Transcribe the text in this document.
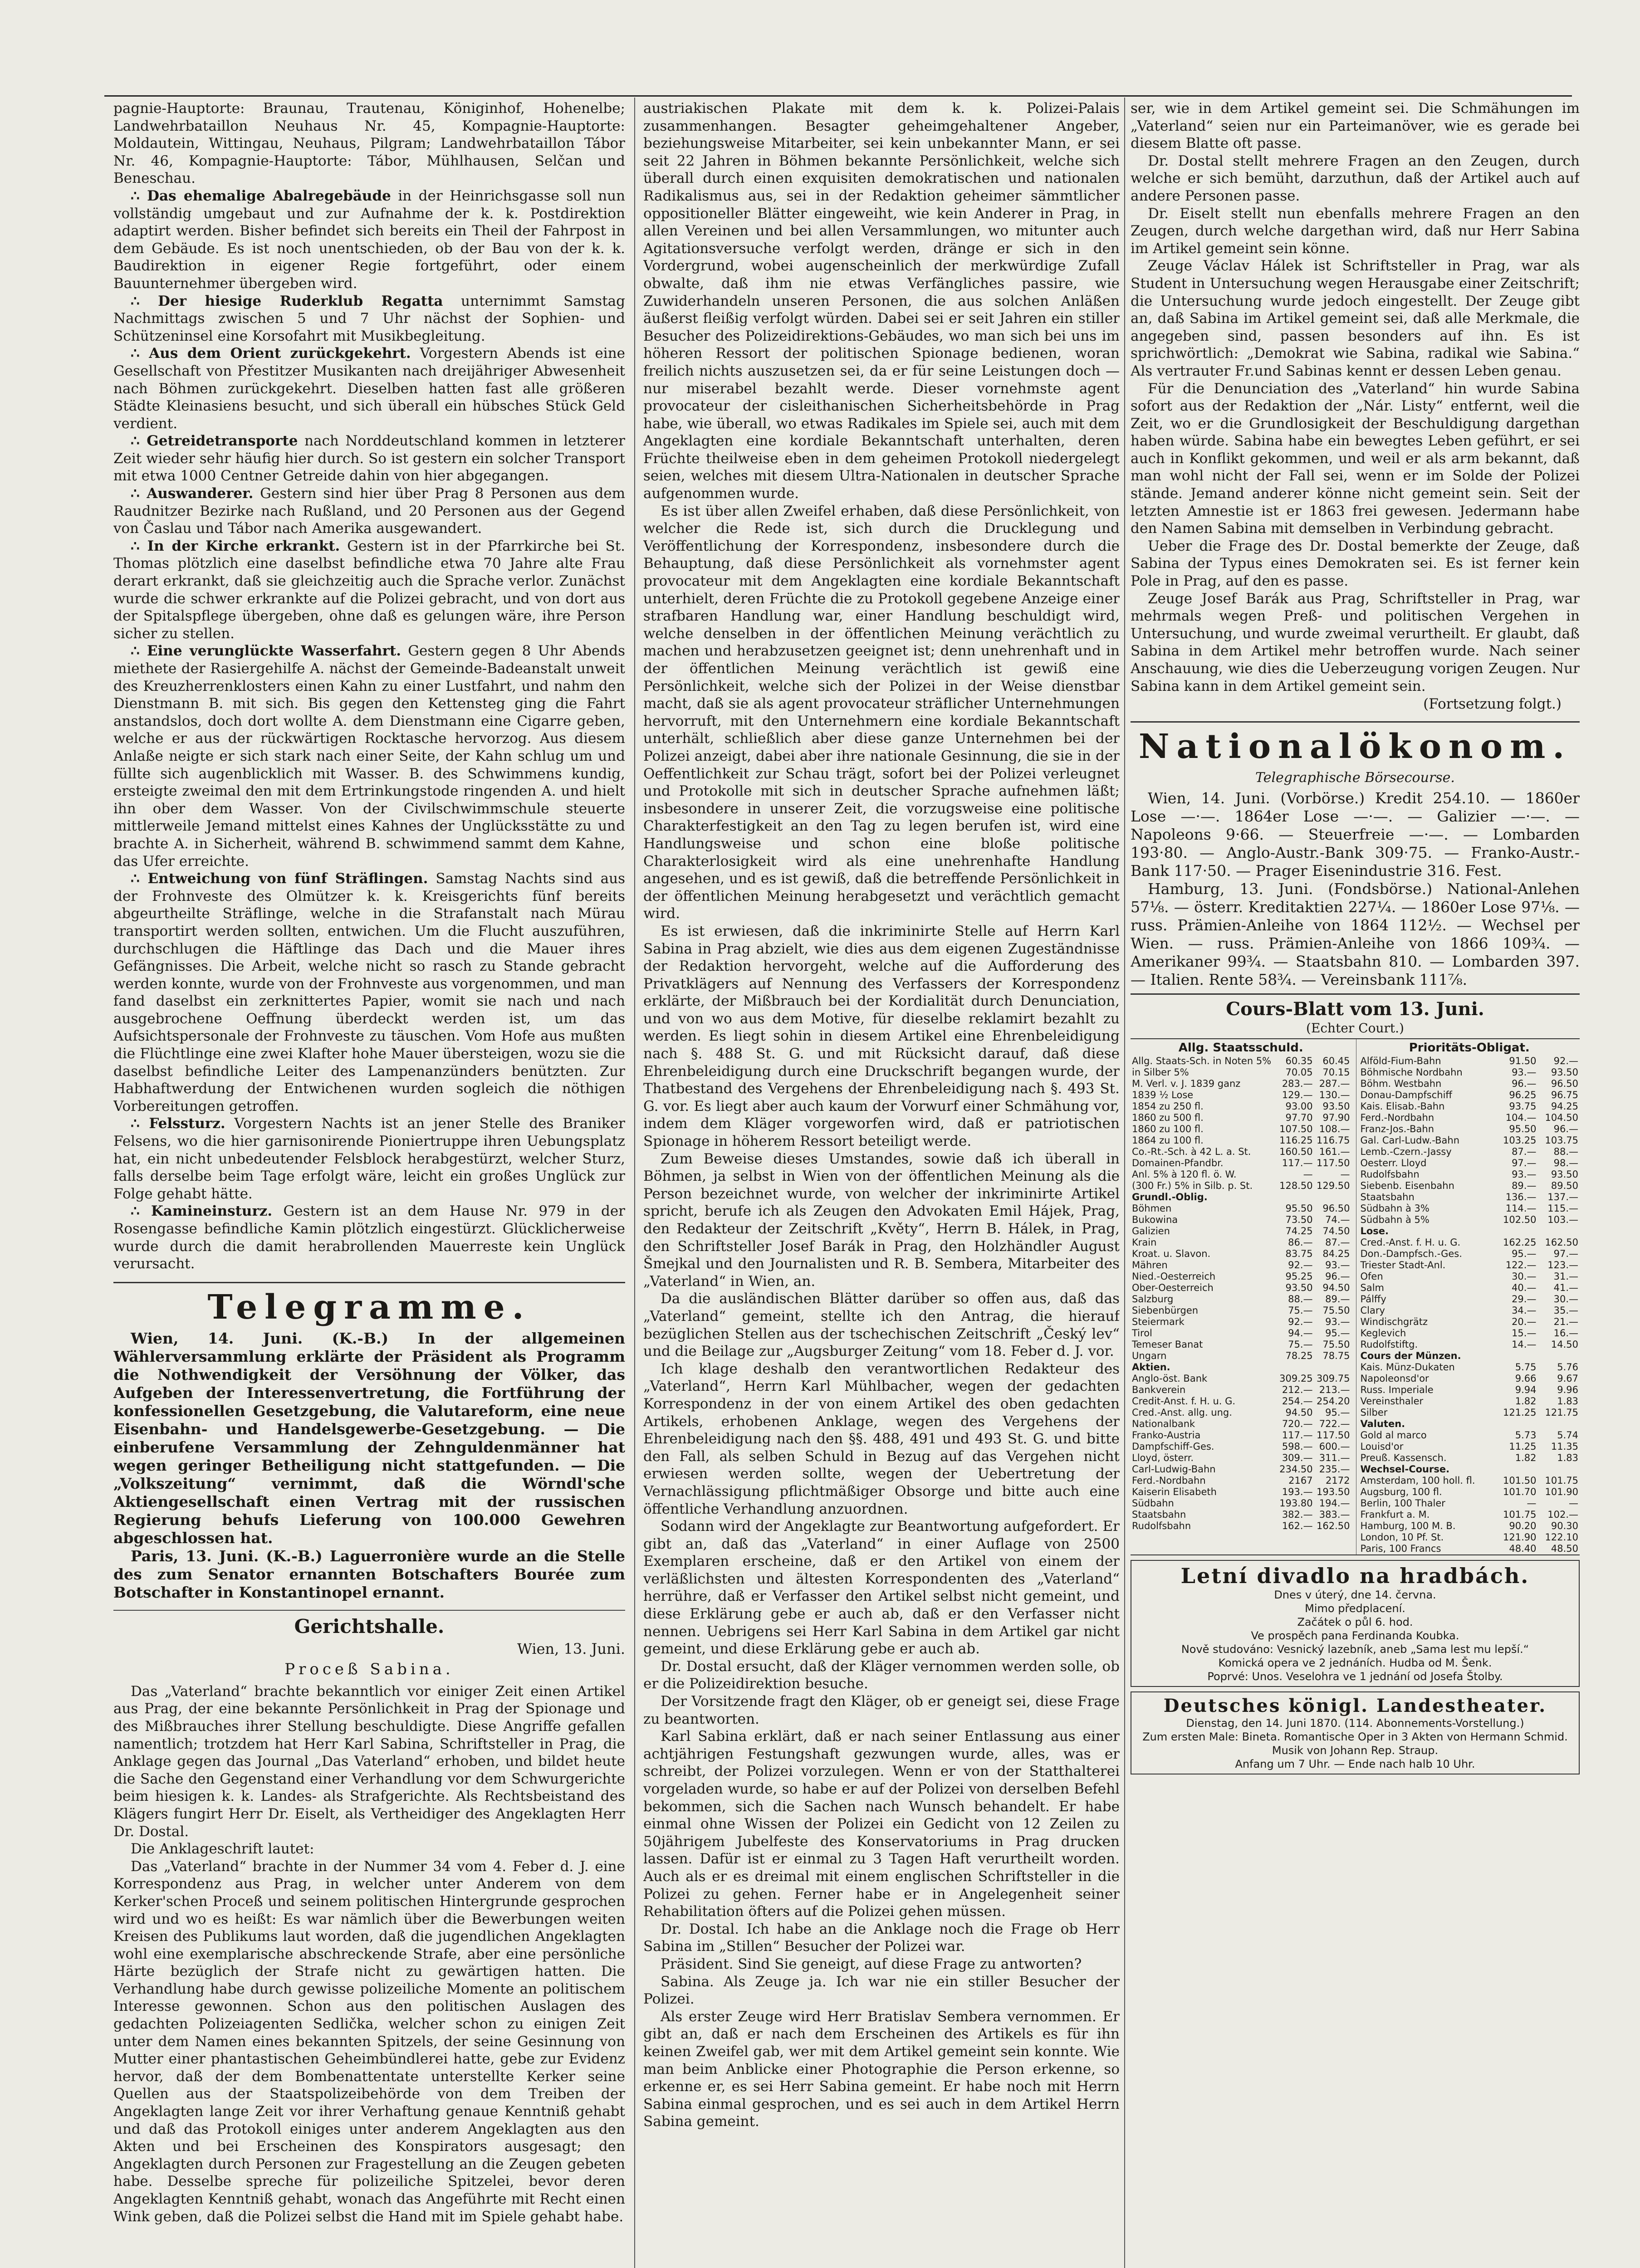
pagnie-Hauptorte: Braunau, Trautenau, Königinhof, Hohenelbe; Landwehrbataillon Neuhaus Nr. 45, Kompagnie-Hauptorte: Moldautein, Wittingau, Neuhaus, Pilgram; Landwehrbataillon Tábor Nr. 46, Kompagnie-Hauptorte: Tábor, Mühlhausen, Selčan und Beneschau.

∴ Das ehemalige Abalregebäude in der Heinrichsgasse soll nun vollständig umgebaut und zur Aufnahme der k. k. Postdirektion adaptirt werden. Bisher befindet sich bereits ein Theil der Fahrpost in dem Gebäude. Es ist noch unentschieden, ob der Bau von der k. k. Baudirektion in eigener Regie fortgeführt, oder einem Bauunternehmer übergeben wird.

∴ Der hiesige Ruderklub Regatta unternimmt Samstag Nachmittags zwischen 5 und 7 Uhr nächst der Sophien- und Schützeninsel eine Korsofahrt mit Musikbegleitung.

∴ Aus dem Orient zurückgekehrt. Vorgestern Abends ist eine Gesellschaft von Přestitzer Musikanten nach dreijähriger Abwesenheit nach Böhmen zurückgekehrt. Dieselben hatten fast alle größeren Städte Kleinasiens besucht, und sich überall ein hübsches Stück Geld verdient.

∴ Getreidetransporte nach Norddeutschland kommen in letzterer Zeit wieder sehr häufig hier durch. So ist gestern ein solcher Transport mit etwa 1000 Centner Getreide dahin von hier abgegangen.

∴ Auswanderer. Gestern sind hier über Prag 8 Personen aus dem Raudnitzer Bezirke nach Rußland, und 20 Personen aus der Gegend von Časlau und Tábor nach Amerika ausgewandert.

∴ In der Kirche erkrankt. Gestern ist in der Pfarrkirche bei St. Thomas plötzlich eine daselbst befindliche etwa 70 Jahre alte Frau derart erkrankt, daß sie gleichzeitig auch die Sprache verlor. Zunächst wurde die schwer erkrankte auf die Polizei gebracht, und von dort aus der Spitalspflege übergeben, ohne daß es gelungen wäre, ihre Person sicher zu stellen.

∴ Eine verunglückte Wasserfahrt. Gestern gegen 8 Uhr Abends miethete der Rasiergehilfe A. nächst der Gemeinde-Badeanstalt unweit des Kreuzherrenklosters einen Kahn zu einer Lustfahrt, und nahm den Dienstmann B. mit sich. Bis gegen den Kettensteg ging die Fahrt anstandslos, doch dort wollte A. dem Dienstmann eine Cigarre geben, welche er aus der rückwärtigen Rocktasche hervorzog. Aus diesem Anlaße neigte er sich stark nach einer Seite, der Kahn schlug um und füllte sich augenblicklich mit Wasser. B. des Schwimmens kundig, ersteigte zweimal den mit dem Ertrinkungstode ringenden A. und hielt ihn ober dem Wasser. Von der Civilschwimmschule steuerte mittlerweile Jemand mittelst eines Kahnes der Unglücksstätte zu und brachte A. in Sicherheit, während B. schwimmend sammt dem Kahne, das Ufer erreichte.

∴ Entweichung von fünf Sträflingen. Samstag Nachts sind aus der Frohnveste des Olmützer k. k. Kreisgerichts fünf bereits abgeurtheilte Sträflinge, welche in die Strafanstalt nach Mürau transportirt werden sollten, entwichen. Um die Flucht auszuführen, durchschlugen die Häftlinge das Dach und die Mauer ihres Gefängnisses. Die Arbeit, welche nicht so rasch zu Stande gebracht werden konnte, wurde von der Frohnveste aus vorgenommen, und man fand daselbst ein zerknittertes Papier, womit sie nach und nach ausgebrochene Oeffnung überdeckt werden ist, um das Aufsichtspersonale der Frohnveste zu täuschen. Vom Hofe aus mußten die Flüchtlinge eine zwei Klafter hohe Mauer übersteigen, wozu sie die daselbst befindliche Leiter des Lampenanzünders benützten. Zur Habhaftwerdung der Entwichenen wurden sogleich die nöthigen Vorbereitungen getroffen.

∴ Felssturz. Vorgestern Nachts ist an jener Stelle des Braniker Felsens, wo die hier garnisonirende Pioniertruppe ihren Uebungsplatz hat, ein nicht unbedeutender Felsblock herabgestürzt, welcher Sturz, falls derselbe beim Tage erfolgt wäre, leicht ein großes Unglück zur Folge gehabt hätte.

∴ Kamineinsturz. Gestern ist an dem Hause Nr. 979 in der Rosengasse befindliche Kamin plötzlich eingestürzt. Glücklicherweise wurde durch die damit herabrollenden Mauerreste kein Unglück verursacht.

Telegramme.

Wien, 14. Juni. (K.-B.) In der allgemeinen Wählerversammlung erklärte der Präsident als Programm die Nothwendigkeit der Versöhnung der Völker, das Aufgeben der Interessenvertretung, die Fortführung der konfessionellen Gesetzgebung, die Valutareform, eine neue Eisenbahn- und Handelsgewerbe-Gesetzgebung. — Die einberufene Versammlung der Zehnguldenmänner hat wegen geringer Betheiligung nicht stattgefunden. — Die „Volkszeitung“ vernimmt, daß die Wörndl'sche Aktiengesellschaft einen Vertrag mit der russischen Regierung behufs Lieferung von 100.000 Gewehren abgeschlossen hat.

Paris, 13. Juni. (K.-B.) Laguerronière wurde an die Stelle des zum Senator ernannten Botschafters Bourée zum Botschafter in Konstantinopel ernannt.

Gerichtshalle.
Wien, 13. Juni.
Proceß Sabina.

Das „Vaterland“ brachte bekanntlich vor einiger Zeit einen Artikel aus Prag, der eine bekannte Persönlichkeit in Prag der Spionage und des Mißbrauches ihrer Stellung beschuldigte. Diese Angriffe gefallen namentlich; trotzdem hat Herr Karl Sabina, Schriftsteller in Prag, die Anklage gegen das Journal „Das Vaterland“ erhoben, und bildet heute die Sache den Gegenstand einer Verhandlung vor dem Schwurgerichte beim hiesigen k. k. Landes- als Strafgerichte. Als Rechtsbeistand des Klägers fungirt Herr Dr. Eiselt, als Vertheidiger des Angeklagten Herr Dr. Dostal.

Die Anklageschrift lautet:

Das „Vaterland“ brachte in der Nummer 34 vom 4. Feber d. J. eine Korrespondenz aus Prag, in welcher unter Anderem von dem Kerker'schen Proceß und seinem politischen Hintergrunde gesprochen wird und wo es heißt: Es war nämlich über die Bewerbungen weiten Kreisen des Publikums laut worden, daß die jugendlichen Angeklagten wohl eine exemplarische abschreckende Strafe, aber eine persönliche Härte bezüglich der Strafe nicht zu gewärtigen hatten. Die Verhandlung habe durch gewisse polizeiliche Momente an politischem Interesse gewonnen. Schon aus den politischen Auslagen des gedachten Polizeiagenten Sedlička, welcher schon zu einigen Zeit unter dem Namen eines bekannten Spitzels, der seine Gesinnung von Mutter einer phantastischen Geheimbündlerei hatte, gebe zur Evidenz hervor, daß der dem Bombenattentate unterstellte Kerker seine Quellen aus der Staatspolizeibehörde von dem Treiben der Angeklagten lange Zeit vor ihrer Verhaftung genaue Kenntniß gehabt und daß das Protokoll einiges unter anderem Angeklagten aus den Akten und bei Erscheinen des Konspirators ausgesagt; den Angeklagten durch Personen zur Fragestellung an die Zeugen gebeten habe. Desselbe spreche für polizeiliche Spitzelei, bevor deren Angeklagten Kenntniß gehabt, wonach das Angeführte mit Recht einen Wink geben, daß die Polizei selbst die Hand mit im Spiele gehabt habe.

austriakischen Plakate mit dem k. k. Polizei-Palais zusammenhangen. Besagter geheimgehaltener Angeber, beziehungsweise Mitarbeiter, sei kein unbekannter Mann, er sei seit 22 Jahren in Böhmen bekannte Persönlichkeit, welche sich überall durch einen exquisiten demokratischen und nationalen Radikalismus aus, sei in der Redaktion geheimer sämmtlicher oppositioneller Blätter eingeweiht, wie kein Anderer in Prag, in allen Vereinen und bei allen Versammlungen, wo mitunter auch Agitationsversuche verfolgt werden, dränge er sich in den Vordergrund, wobei augenscheinlich der merkwürdige Zufall obwalte, daß ihm nie etwas Verfängliches passire, wie Zuwiderhandeln unseren Personen, die aus solchen Anläßen äußerst fleißig verfolgt würden. Dabei sei er seit Jahren ein stiller Besucher des Polizeidirektions-Gebäudes, wo man sich bei uns im höheren Ressort der politischen Spionage bedienen, woran freilich nichts auszusetzen sei, da er für seine Leistungen doch — nur miserabel bezahlt werde. Dieser vornehmste agent provocateur der cisleithanischen Sicherheitsbehörde in Prag habe, wie überall, wo etwas Radikales im Spiele sei, auch mit dem Angeklagten eine kordiale Bekanntschaft unterhalten, deren Früchte theilweise eben in dem geheimen Protokoll niedergelegt seien, welches mit diesem Ultra-Nationalen in deutscher Sprache aufgenommen wurde.

Es ist über allen Zweifel erhaben, daß diese Persönlichkeit, von welcher die Rede ist, sich durch die Drucklegung und Veröffentlichung der Korrespondenz, insbesondere durch die Behauptung, daß diese Persönlichkeit als vornehmster agent provocateur mit dem Angeklagten eine kordiale Bekanntschaft unterhielt, deren Früchte die zu Protokoll gegebene Anzeige einer strafbaren Handlung war, einer Handlung beschuldigt wird, welche denselben in der öffentlichen Meinung verächtlich zu machen und herabzusetzen geeignet ist; denn unehrenhaft und in der öffentlichen Meinung verächtlich ist gewiß eine Persönlichkeit, welche sich der Polizei in der Weise dienstbar macht, daß sie als agent provocateur sträflicher Unternehmungen hervorruft, mit den Unternehmern eine kordiale Bekanntschaft unterhält, schließlich aber diese ganze Unternehmen bei der Polizei anzeigt, dabei aber ihre nationale Gesinnung, die sie in der Oeffentlichkeit zur Schau trägt, sofort bei der Polizei verleugnet und Protokolle mit sich in deutscher Sprache aufnehmen läßt; insbesondere in unserer Zeit, die vorzugsweise eine politische Charakterfestigkeit an den Tag zu legen berufen ist, wird eine Handlungsweise und schon eine bloße politische Charakterlosigkeit wird als eine unehrenhafte Handlung angesehen, und es ist gewiß, daß die betreffende Persönlichkeit in der öffentlichen Meinung herabgesetzt und verächtlich gemacht wird.

Es ist erwiesen, daß die inkriminirte Stelle auf Herrn Karl Sabina in Prag abzielt, wie dies aus dem eigenen Zugeständnisse der Redaktion hervorgeht, welche auf die Aufforderung des Privatklägers auf Nennung des Verfassers der Korrespondenz erklärte, der Mißbrauch bei der Kordialität durch Denunciation, und von wo aus dem Motive, für dieselbe reklamirt bezahlt zu werden. Es liegt sohin in diesem Artikel eine Ehrenbeleidigung nach §. 488 St. G. und mit Rücksicht darauf, daß diese Ehrenbeleidigung durch eine Druckschrift begangen wurde, der Thatbestand des Vergehens der Ehrenbeleidigung nach §. 493 St. G. vor. Es liegt aber auch kaum der Vorwurf einer Schmähung vor, indem dem Kläger vorgeworfen wird, daß er patriotischen Spionage in höherem Ressort beteiligt werde.

Zum Beweise dieses Umstandes, sowie daß ich überall in Böhmen, ja selbst in Wien von der öffentlichen Meinung als die Person bezeichnet wurde, von welcher der inkriminirte Artikel spricht, berufe ich als Zeugen den Advokaten Emil Hájek, Prag, den Redakteur der Zeitschrift „Květy“, Herrn B. Hálek, in Prag, den Schriftsteller Josef Barák in Prag, den Holzhändler August Šmejkal und den Journalisten und R. B. Sembera, Mitarbeiter des „Vaterland“ in Wien, an.

Da die ausländischen Blätter darüber so offen aus, daß das „Vaterland“ gemeint, stellte ich den Antrag, die hierauf bezüglichen Stellen aus der tschechischen Zeitschrift „Český lev“ und die Beilage zur „Augsburger Zeitung“ vom 18. Feber d. J. vor.

Ich klage deshalb den verantwortlichen Redakteur des „Vaterland“, Herrn Karl Mühlbacher, wegen der gedachten Korrespondenz in der von einem Artikel des oben gedachten Artikels, erhobenen Anklage, wegen des Vergehens der Ehrenbeleidigung nach den §§. 488, 491 und 493 St. G. und bitte den Fall, als selben Schuld in Bezug auf das Vergehen nicht erwiesen werden sollte, wegen der Uebertretung der Vernachlässigung pflichtmäßiger Obsorge und bitte auch eine öffentliche Verhandlung anzuordnen.

Sodann wird der Angeklagte zur Beantwortung aufgefordert. Er gibt an, daß das „Vaterland“ in einer Auflage von 2500 Exemplaren erscheine, daß er den Artikel von einem der verläßlichsten und ältesten Korrespondenten des „Vaterland“ herrühre, daß er Verfasser den Artikel selbst nicht gemeint, und diese Erklärung gebe er auch ab, daß er den Verfasser nicht nennen. Uebrigens sei Herr Karl Sabina in dem Artikel gar nicht gemeint, und diese Erklärung gebe er auch ab.

Dr. Dostal ersucht, daß der Kläger vernommen werden solle, ob er die Polizeidirektion besuche.

Der Vorsitzende fragt den Kläger, ob er geneigt sei, diese Frage zu beantworten.

Karl Sabina erklärt, daß er nach seiner Entlassung aus einer achtjährigen Festungshaft gezwungen wurde, alles, was er schreibt, der Polizei vorzulegen. Wenn er von der Statthalterei vorgeladen wurde, so habe er auf der Polizei von derselben Befehl bekommen, sich die Sachen nach Wunsch behandelt. Er habe einmal ohne Wissen der Polizei ein Gedicht von 12 Zeilen zu 50jährigem Jubelfeste des Konservatoriums in Prag drucken lassen. Dafür ist er einmal zu 3 Tagen Haft verurtheilt worden. Auch als er es dreimal mit einem englischen Schriftsteller in die Polizei zu gehen. Ferner habe er in Angelegenheit seiner Rehabilitation öfters auf die Polizei gehen müssen.

Dr. Dostal. Ich habe an die Anklage noch die Frage ob Herr Sabina im „Stillen“ Besucher der Polizei war.

Präsident. Sind Sie geneigt, auf diese Frage zu antworten?

Sabina. Als Zeuge ja. Ich war nie ein stiller Besucher der Polizei.

Als erster Zeuge wird Herr Bratislav Sembera vernommen. Er gibt an, daß er nach dem Erscheinen des Artikels es für ihn keinen Zweifel gab, wer mit dem Artikel gemeint sein konnte. Wie man beim Anblicke einer Photographie die Person erkenne, so erkenne er, es sei Herr Sabina gemeint. Er habe noch mit Herrn Sabina einmal gesprochen, und es sei auch in dem Artikel Herrn Sabina gemeint.

ser, wie in dem Artikel gemeint sei. Die Schmähungen im „Vaterland“ seien nur ein Parteimanöver, wie es gerade bei diesem Blatte oft passe.

Dr. Dostal stellt mehrere Fragen an den Zeugen, durch welche er sich bemüht, darzuthun, daß der Artikel auch auf andere Personen passe.

Dr. Eiselt stellt nun ebenfalls mehrere Fragen an den Zeugen, durch welche dargethan wird, daß nur Herr Sabina im Artikel gemeint sein könne.

Zeuge Václav Hálek ist Schriftsteller in Prag, war als Student in Untersuchung wegen Herausgabe einer Zeitschrift; die Untersuchung wurde jedoch eingestellt. Der Zeuge gibt an, daß Sabina im Artikel gemeint sei, daß alle Merkmale, die angegeben sind, passen besonders auf ihn. Es ist sprichwörtlich: „Demokrat wie Sabina, radikal wie Sabina.“ Als vertrauter Fr.und Sabinas kennt er dessen Leben genau.

Für die Denunciation des „Vaterland“ hin wurde Sabina sofort aus der Redaktion der „Nár. Listy“ entfernt, weil die Zeit, wo er die Grundlosigkeit der Beschuldigung dargethan haben würde. Sabina habe ein bewegtes Leben geführt, er sei auch in Konflikt gekommen, und weil er als arm bekannt, daß man wohl nicht der Fall sei, wenn er im Solde der Polizei stände. Jemand anderer könne nicht gemeint sein. Seit der letzten Amnestie ist er 1863 frei gewesen. Jedermann habe den Namen Sabina mit demselben in Verbindung gebracht.

Ueber die Frage des Dr. Dostal bemerkte der Zeuge, daß Sabina der Typus eines Demokraten sei. Es ist ferner kein Pole in Prag, auf den es passe.

Zeuge Josef Barák aus Prag, Schriftsteller in Prag, war mehrmals wegen Preß- und politischen Vergehen in Untersuchung, und wurde zweimal verurtheilt. Er glaubt, daß Sabina in dem Artikel mehr betroffen wurde. Nach seiner Anschauung, wie dies die Ueberzeugung vorigen Zeugen. Nur Sabina kann in dem Artikel gemeint sein.

(Fortsetzung folgt.)
Nationalökonom.
Telegraphische Börsecourse.

Wien, 14. Juni. (Vorbörse.) Kredit 254.10. — 1860er Lose —·—. 1864er Lose —·—. — Galizier —·—. — Napoleons 9·66. — Steuerfreie —·—. — Lombarden 193·80. — Anglo-Austr.-Bank 309·75. — Franko-Austr.-Bank 117·50. — Prager Eisenindustrie 316. Fest.

Hamburg, 13. Juni. (Fondsbörse.) National-Anlehen 57⅛. — österr. Kreditaktien 227¼. — 1860er Lose 97⅛. — russ. Prämien-Anleihe von 1864 112½. — Wechsel per Wien. — russ. Prämien-Anleihe von 1866 109¾. — Amerikaner 99¾. — Staatsbahn 810. — Lombarden 397. — Italien. Rente 58¾. — Vereinsbank 111⅞.

Cours-Blatt vom 13. Juni.
(Echter Court.)
Allg. Staatsschuld.
Allg. Staats-Sch. in Noten 5%	60.35	60.45
in Silber 5%	70.05	70.15
M. Verl. v. J. 1839 ganz	283.—	287.—
1839 ½ Lose	129.—	130.—
1854 zu 250 fl.	93.00	93.50
1860 zu 500 fl.	97.70	97.90
1860 zu 100 fl.	107.50	108.—
1864 zu 100 fl.	116.25	116.75
Co.-Rt.-Sch. à 42 L. a. St.	160.50	161.—
Domainen-Pfandbr.	117.—	117.50
Anl. 5% à 120 fl. ö. W.	—	—
(300 Fr.) 5% in Silb. p. St.	128.50	129.50
Grundl.-Oblig.		
Böhmen	95.50	96.50
Bukowina	73.50	74.—
Galizien	74.25	74.50
Krain	86.—	87.—
Kroat. u. Slavon.	83.75	84.25
Mähren	92.—	93.—
Nied.-Oesterreich	95.25	96.—
Ober-Oesterreich	93.50	94.50
Salzburg	88.—	89.—
Siebenbürgen	75.—	75.50
Steiermark	92.—	93.—
Tirol	94.—	95.—
Temeser Banat	75.—	75.50
Ungarn	78.25	78.75
Aktien.		
Anglo-öst. Bank	309.25	309.75
Bankverein	212.—	213.—
Credit-Anst. f. H. u. G.	254.—	254.20
Cred.-Anst. allg. ung.	94.50	95.—
Nationalbank	720.—	722.—
Franko-Austria	117.—	117.50
Dampfschiff-Ges.	598.—	600.—
Lloyd, österr.	309.—	311.—
Carl-Ludwig-Bahn	234.50	235.—
Ferd.-Nordbahn	2167	2172
Kaiserin Elisabeth	193.—	193.50
Südbahn	193.80	194.—
Staatsbahn	382.—	383.—
Rudolfsbahn	162.—	162.50
Prioritäts-Obligat.
Alföld-Fium-Bahn	91.50	92.—
Böhmische Nordbahn	93.—	93.50
Böhm. Westbahn	96.—	96.50
Donau-Dampfschiff	96.25	96.75
Kais. Elisab.-Bahn	93.75	94.25
Ferd.-Nordbahn	104.—	104.50
Franz-Jos.-Bahn	95.50	96.—
Gal. Carl-Ludw.-Bahn	103.25	103.75
Lemb.-Czern.-Jassy	87.—	88.—
Oesterr. Lloyd	97.—	98.—
Rudolfsbahn	93.—	93.50
Siebenb. Eisenbahn	89.—	89.50
Staatsbahn	136.—	137.—
Südbahn à 3%	114.—	115.—
Südbahn à 5%	102.50	103.—
Lose.		
Cred.-Anst. f. H. u. G.	162.25	162.50
Don.-Dampfsch.-Ges.	95.—	97.—
Triester Stadt-Anl.	122.—	123.—
Ofen	30.—	31.—
Salm	40.—	41.—
Pálffy	29.—	30.—
Clary	34.—	35.—
Windischgrätz	20.—	21.—
Keglevich	15.—	16.—
Rudolfstiftg.	14.—	14.50
Cours der Münzen.		
Kais. Münz-Dukaten	5.75	5.76
Napoleonsd'or	9.66	9.67
Russ. Imperiale	9.94	9.96
Vereinsthaler	1.82	1.83
Silber	121.25	121.75
Valuten.		
Gold al marco	5.73	5.74
Louisd'or	11.25	11.35
Preuß. Kassensch.	1.82	1.83
Wechsel-Course.		
Amsterdam, 100 holl. fl.	101.50	101.75
Augsburg, 100 fl.	101.70	101.90
Berlin, 100 Thaler	—	—
Frankfurt a. M.	101.75	102.—
Hamburg, 100 M. B.	90.20	90.30
London, 10 Pf. St.	121.90	122.10
Paris, 100 Francs	48.40	48.50
Letní divadlo na hradbách.
Dnes v úterý, dne 14. června.
Mimo předplacení.
Začátek o půl 6. hod.
Ve prospěch pana Ferdinanda Koubka.
Nově studováno: Vesnický lazebník, aneb „Sama lest mu lepší.“
Komická opera ve 2 jednáních. Hudba od M. Šenk.
Poprvé: Unos. Veselohra ve 1 jednání od Josefa Štolby.
Deutsches königl. Landestheater.
Dienstag, den 14. Juni 1870. (114. Abonnements-Vorstellung.)
Zum ersten Male: Bineta. Romantische Oper in 3 Akten von Hermann Schmid. Musik von Johann Rep. Straup.
Anfang um 7 Uhr. — Ende nach halb 10 Uhr.
